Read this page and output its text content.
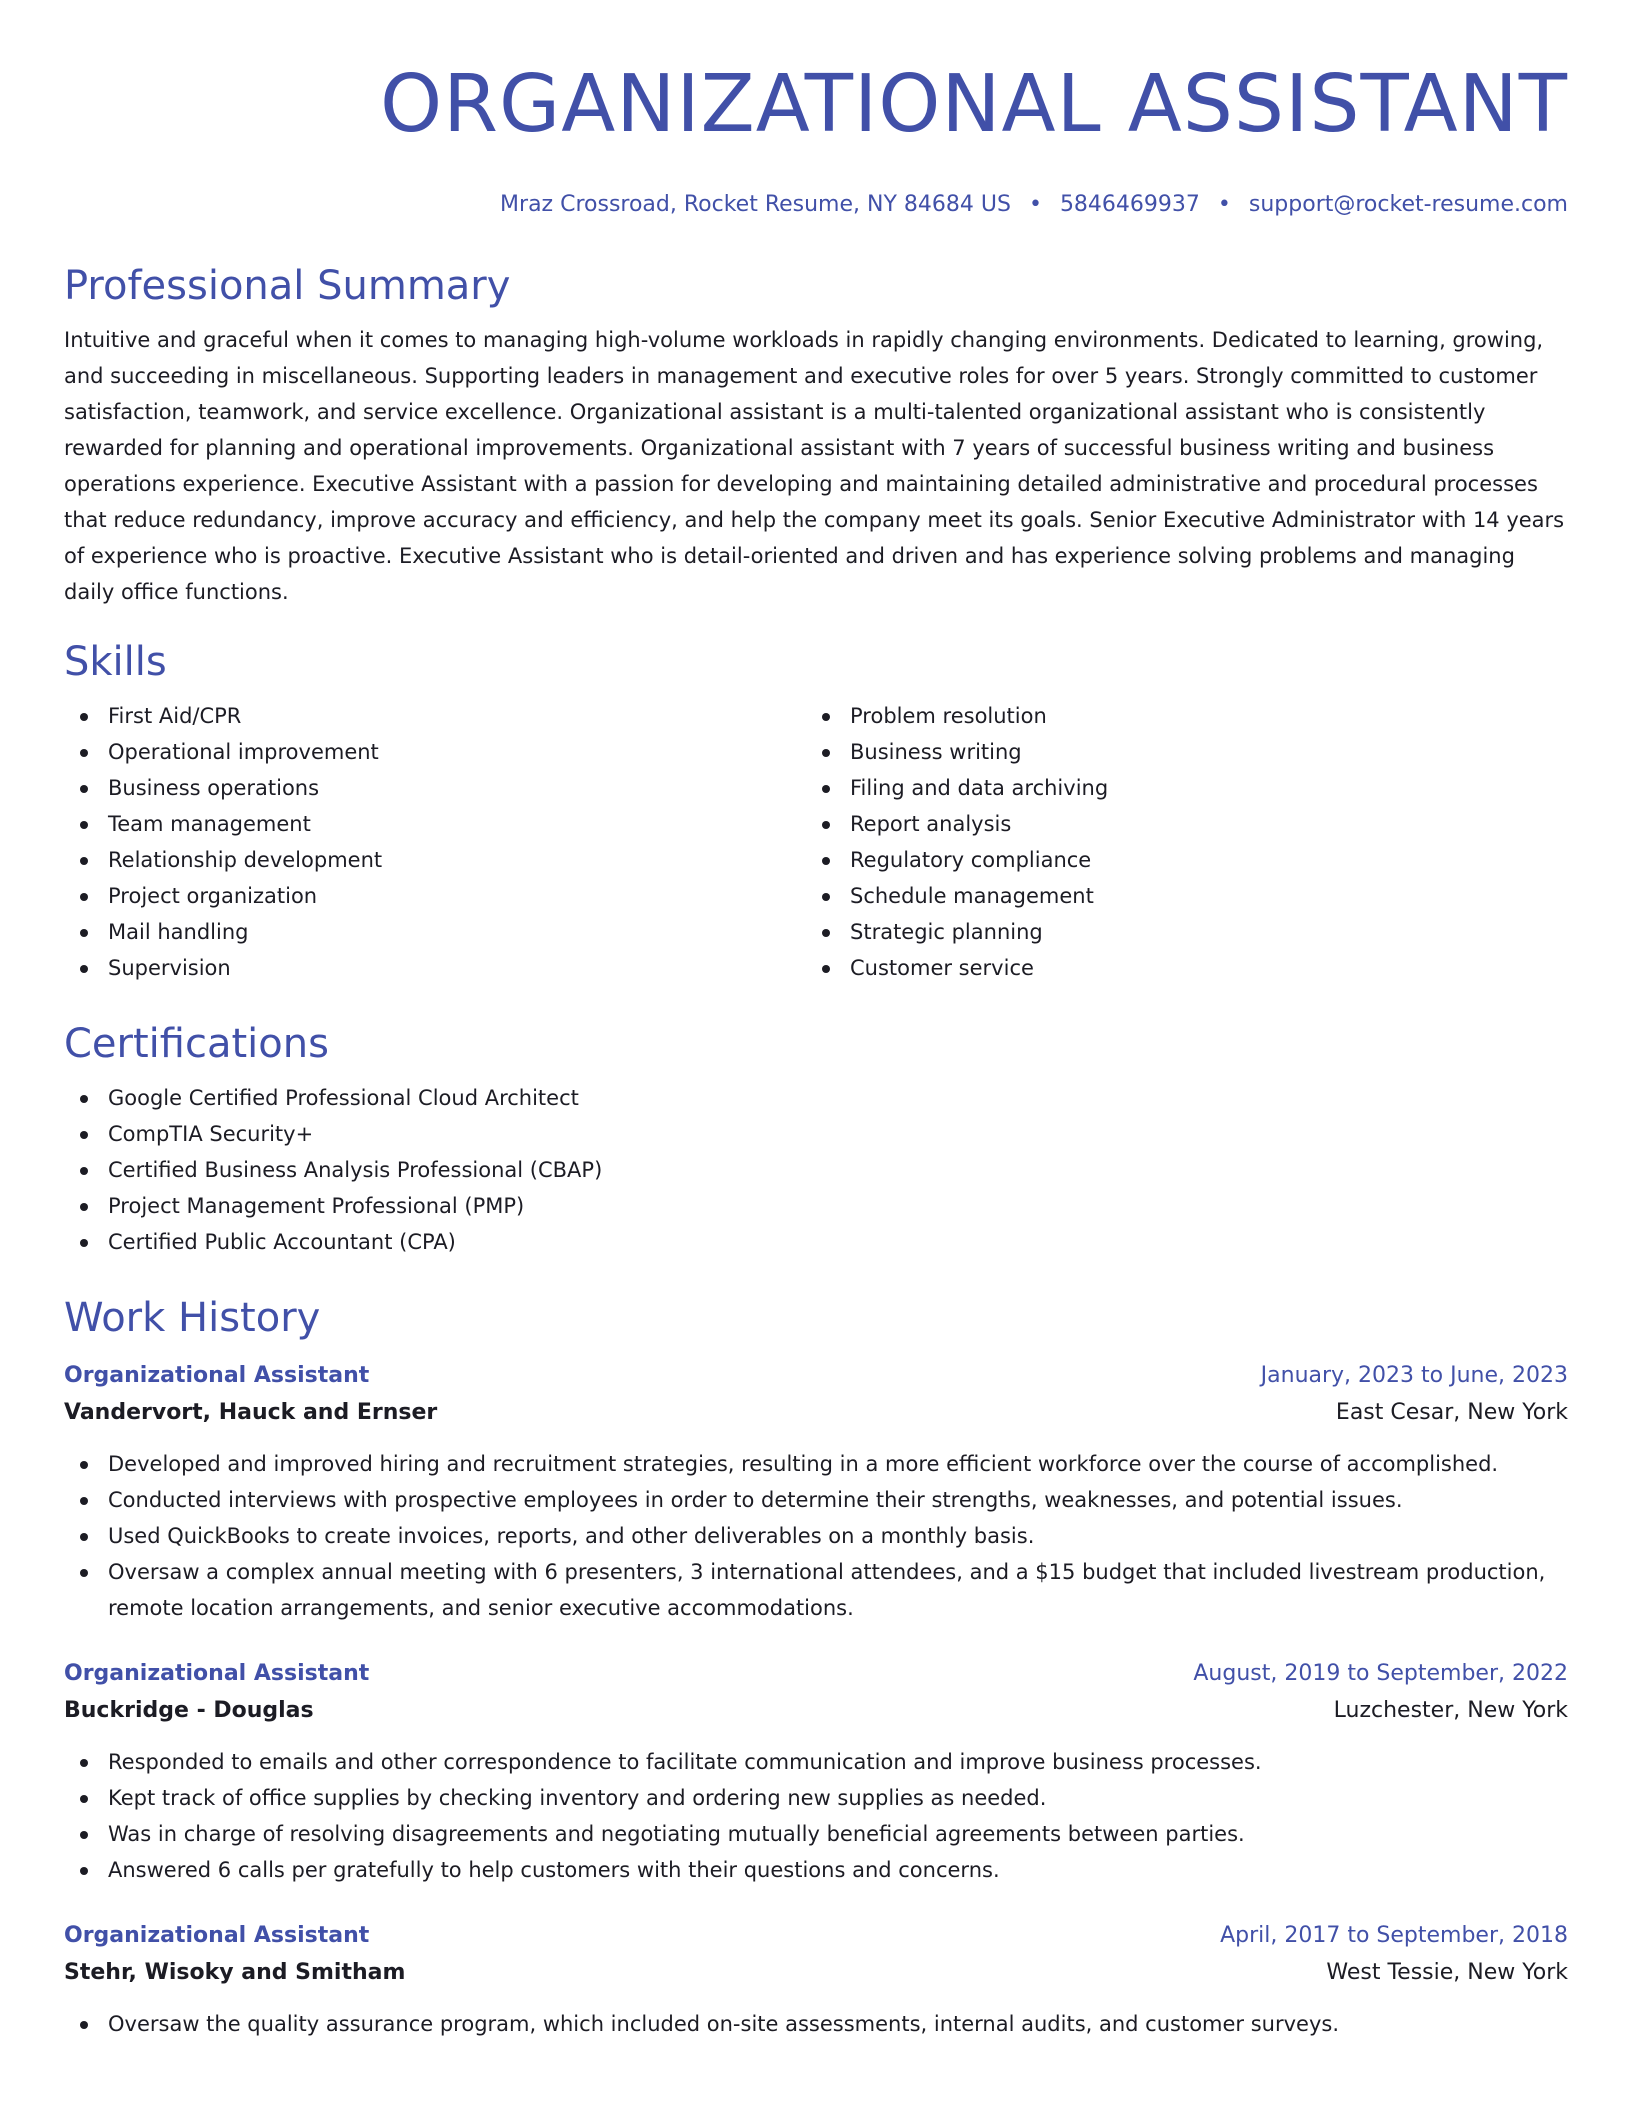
ORGANIZATIONAL ASSISTANT
Mraz Crossroad, Rocket Resume, NY 84684 US • 5846469937 • support@rocket-resume.com
Professional Summary

Intuitive and graceful when it comes to managing high-volume workloads in rapidly changing environments. Dedicated to learning, growing, and succeeding in miscellaneous. Supporting leaders in management and executive roles for over 5 years. Strongly committed to customer satisfaction, teamwork, and service excellence. Organizational assistant is a multi-talented organizational assistant who is consistently rewarded for planning and operational improvements. Organizational assistant with 7 years of successful business writing and business operations experience. Executive Assistant with a passion for developing and maintaining detailed administrative and procedural processes that reduce redundancy, improve accuracy and efficiency, and help the company meet its goals. Senior Executive Administrator with 14 years of experience who is proactive. Executive Assistant who is detail-oriented and driven and has experience solving problems and managing daily office functions.

Skills
First Aid/CPR
Operational improvement
Business operations
Team management
Relationship development
Project organization
Mail handling
Supervision
Problem resolution
Business writing
Filing and data archiving
Report analysis
Regulatory compliance
Schedule management
Strategic planning
Customer service
Certifications
Google Certified Professional Cloud Architect
CompTIA Security+
Certified Business Analysis Professional (CBAP)
Project Management Professional (PMP)
Certified Public Accountant (CPA)
Work History
Organizational Assistant	January, 2023 to June, 2023
Vandervort, Hauck and Ernser	East Cesar, New York
Developed and improved hiring and recruitment strategies, resulting in a more efficient workforce over the course of accomplished.
Conducted interviews with prospective employees in order to determine their strengths, weaknesses, and potential issues.
Used QuickBooks to create invoices, reports, and other deliverables on a monthly basis.
Oversaw a complex annual meeting with 6 presenters, 3 international attendees, and a $15 budget that included livestream production, remote location arrangements, and senior executive accommodations.
Organizational Assistant	August, 2019 to September, 2022
Buckridge - Douglas	Luzchester, New York
Responded to emails and other correspondence to facilitate communication and improve business processes.
Kept track of office supplies by checking inventory and ordering new supplies as needed.
Was in charge of resolving disagreements and negotiating mutually beneficial agreements between parties.
Answered 6 calls per gratefully to help customers with their questions and concerns.
Organizational Assistant	April, 2017 to September, 2018
Stehr, Wisoky and Smitham	West Tessie, New York
Oversaw the quality assurance program, which included on-site assessments, internal audits, and customer surveys.
